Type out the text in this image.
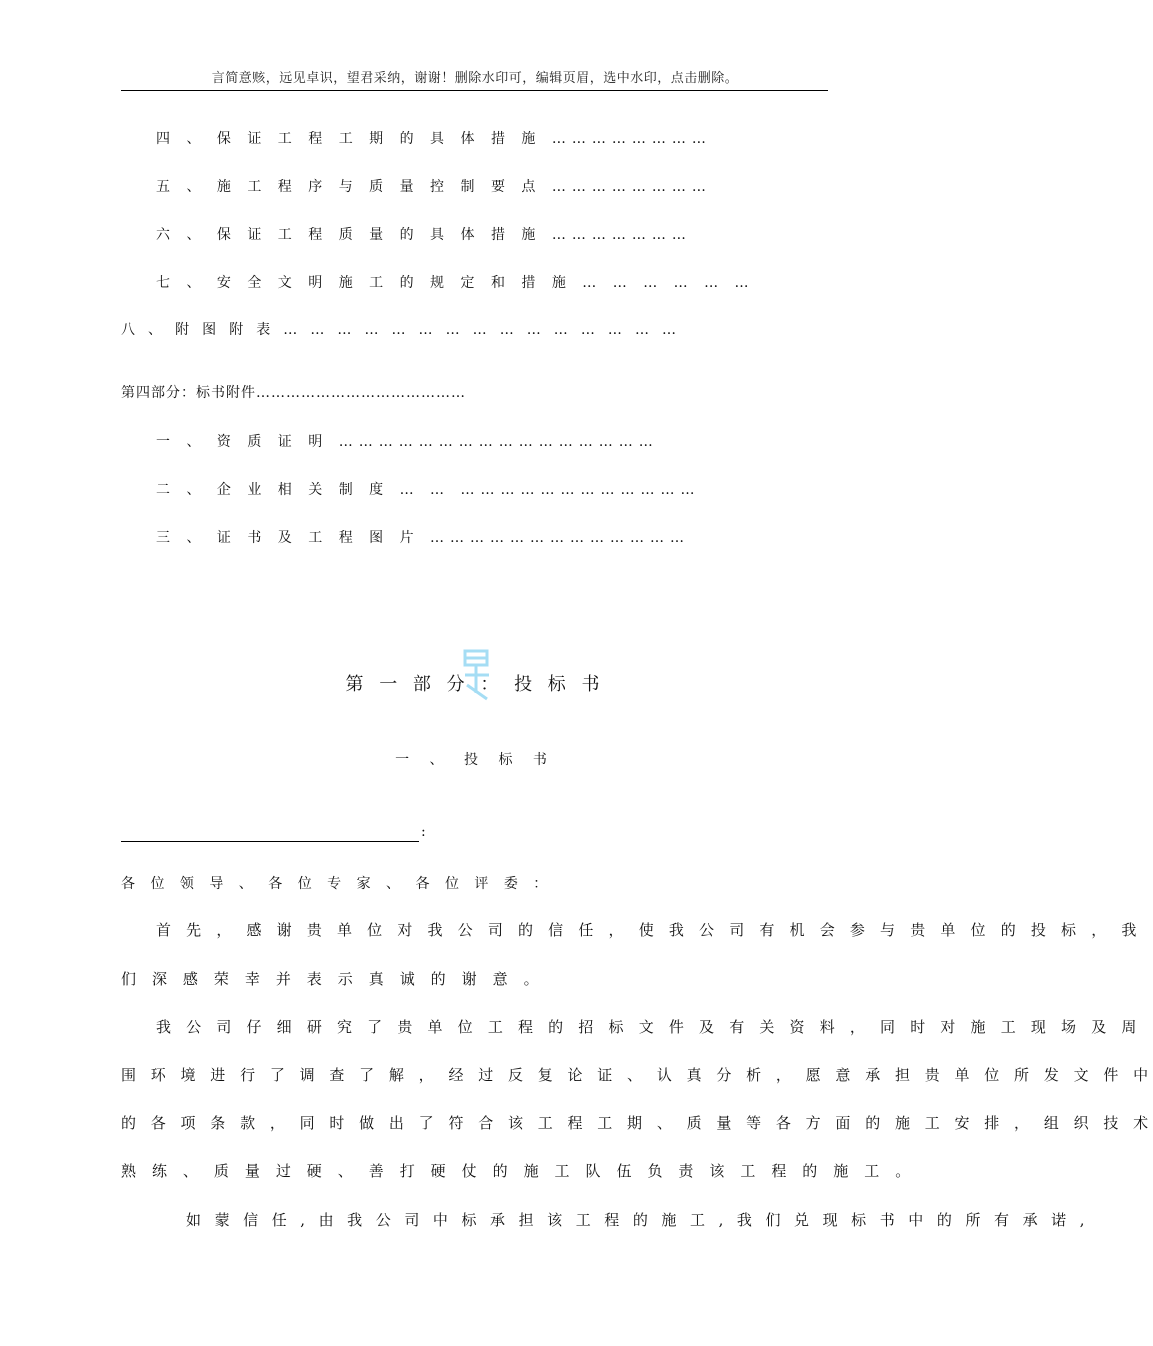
言简意赅，远见卓识，望君采纳，谢谢！删除水印可，编辑页眉，选中水印，点击删除。
四 、 保 证 工 程 工 期 的 具 体 措 施 ……………………
五 、 施 工 程 序 与 质 量 控 制 要 点 ……………………
六 、 保 证 工 程 质 量 的 具 体 措 施 …………………
七 、 安 全 文 明 施 工 的 规 定 和 措 施 … … … … … …
八 、 附 图 附 表 … … … … … … … … … … … … … … …
第四部分：标书附件……………………………………
一 、 资 质 证 明 …………………………………………
二 、 企 业 相 关 制 度 … … ………………………………
三 、 证 书 及 工 程 图 片 …………………………………
第 一 部 分 ： 投 标 书
一 、 投 标 书
:
各 位 领 导 、 各 位 专 家 、 各 位 评 委 ：
首 先 ， 感 谢 贵 单 位 对 我 公 司 的 信 任 ， 使 我 公 司 有 机 会 参 与 贵 单 位 的 投 标 ， 我
们 深 感 荣 幸 并 表 示 真 诚 的 谢 意 。
我 公 司 仔 细 研 究 了 贵 单 位 工 程 的 招 标 文 件 及 有 关 资 料 ， 同 时 对 施 工 现 场 及 周
围 环 境 进 行 了 调 查 了 解 ， 经 过 反 复 论 证 、 认 真 分 析 ， 愿 意 承 担 贵 单 位 所 发 文 件 中
的 各 项 条 款 ， 同 时 做 出 了 符 合 该 工 程 工 期 、 质 量 等 各 方 面 的 施 工 安 排 ， 组 织 技 术
熟 练 、 质 量 过 硬 、 善 打 硬 仗 的 施 工 队 伍 负 责 该 工 程 的 施 工 。
如 蒙 信 任 , 由 我 公 司 中 标 承 担 该 工 程 的 施 工 , 我 们 兑 现 标 书 中 的 所 有 承 诺 ,
